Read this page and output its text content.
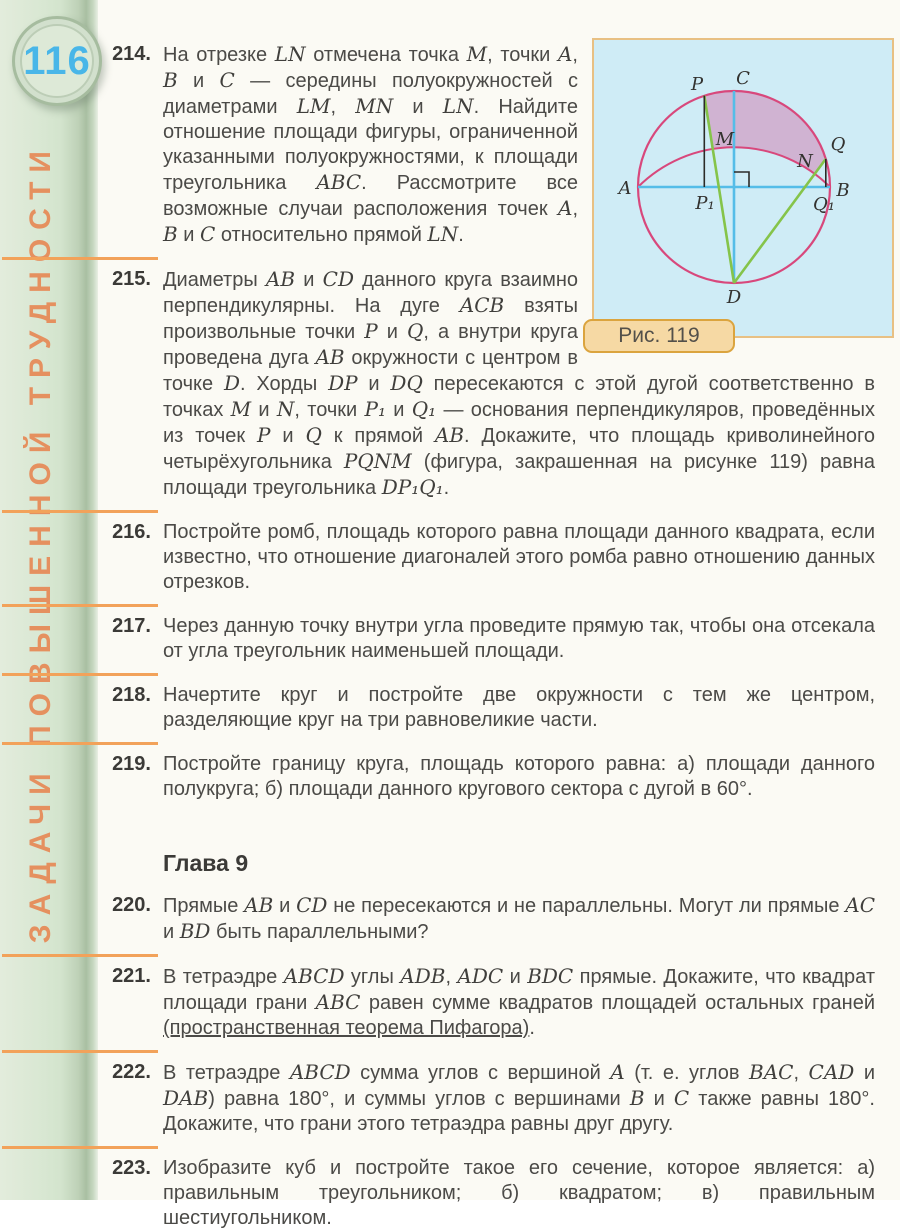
ЗАДАЧИ ПОВЫШЕННОЙ ТРУДНОСТИ
116
P C
M
N
Q
A	B
P₁	Q₁
D
Рис. 119
214. На отрезке LN отмечена точка M, точки A, B и C — середины полуокружностей с диаметрами LM, MN и LN. Найдите отношение площади фигуры, ограниченной указанными полуокружностями, к площади треугольника ABC. Рассмотрите все возможные случаи расположения точек A, B и C относительно прямой LN.
215. Диаметры AB и CD данного круга взаимно перпендикулярны. На дуге ACB взяты произвольные точки P и Q, а внутри круга проведена дуга AB окружности с центром в точке D. Хорды DP и DQ пересекаются с этой дугой соответственно в точках M и N, точки P₁ и Q₁ — основания перпендикуляров, проведённых из точек P и Q к прямой AB. Докажите, что площадь криволинейного четырёхугольника PQNM (фигура, закрашенная на рисунке 119) равна площади треугольника DP₁Q₁.
216. Постройте ромб, площадь которого равна площади данного квадрата, если известно, что отношение диагоналей этого ромба равно отношению данных отрезков.
217. Через данную точку внутри угла проведите прямую так, чтобы она отсекала от угла треугольник наименьшей площади.
218. Начертите круг и постройте две окружности с тем же центром, разделяющие круг на три равновеликие части.
219. Постройте границу круга, площадь которого равна: а) площади данного полукруга; б) площади данного кругового сектора с дугой в 60°.
Глава 9
220. Прямые AB и CD не пересекаются и не параллельны. Могут ли прямые AC и BD быть параллельными?
221. В тетраэдре ABCD углы ADB, ADC и BDC прямые. Докажите, что квадрат площади грани ABC равен сумме квадратов площадей остальных граней (пространственная теорема Пифагора).
222. В тетраэдре ABCD сумма углов с вершиной A (т. е. углов BAC, CAD и DAB) равна 180°, и суммы углов с вершинами B и C также равны 180°. Докажите, что грани этого тетраэдра равны друг другу.
223. Изобразите куб и постройте такое его сечение, которое является: а) правильным треугольником; б) квадратом; в) правильным шестиугольником.
